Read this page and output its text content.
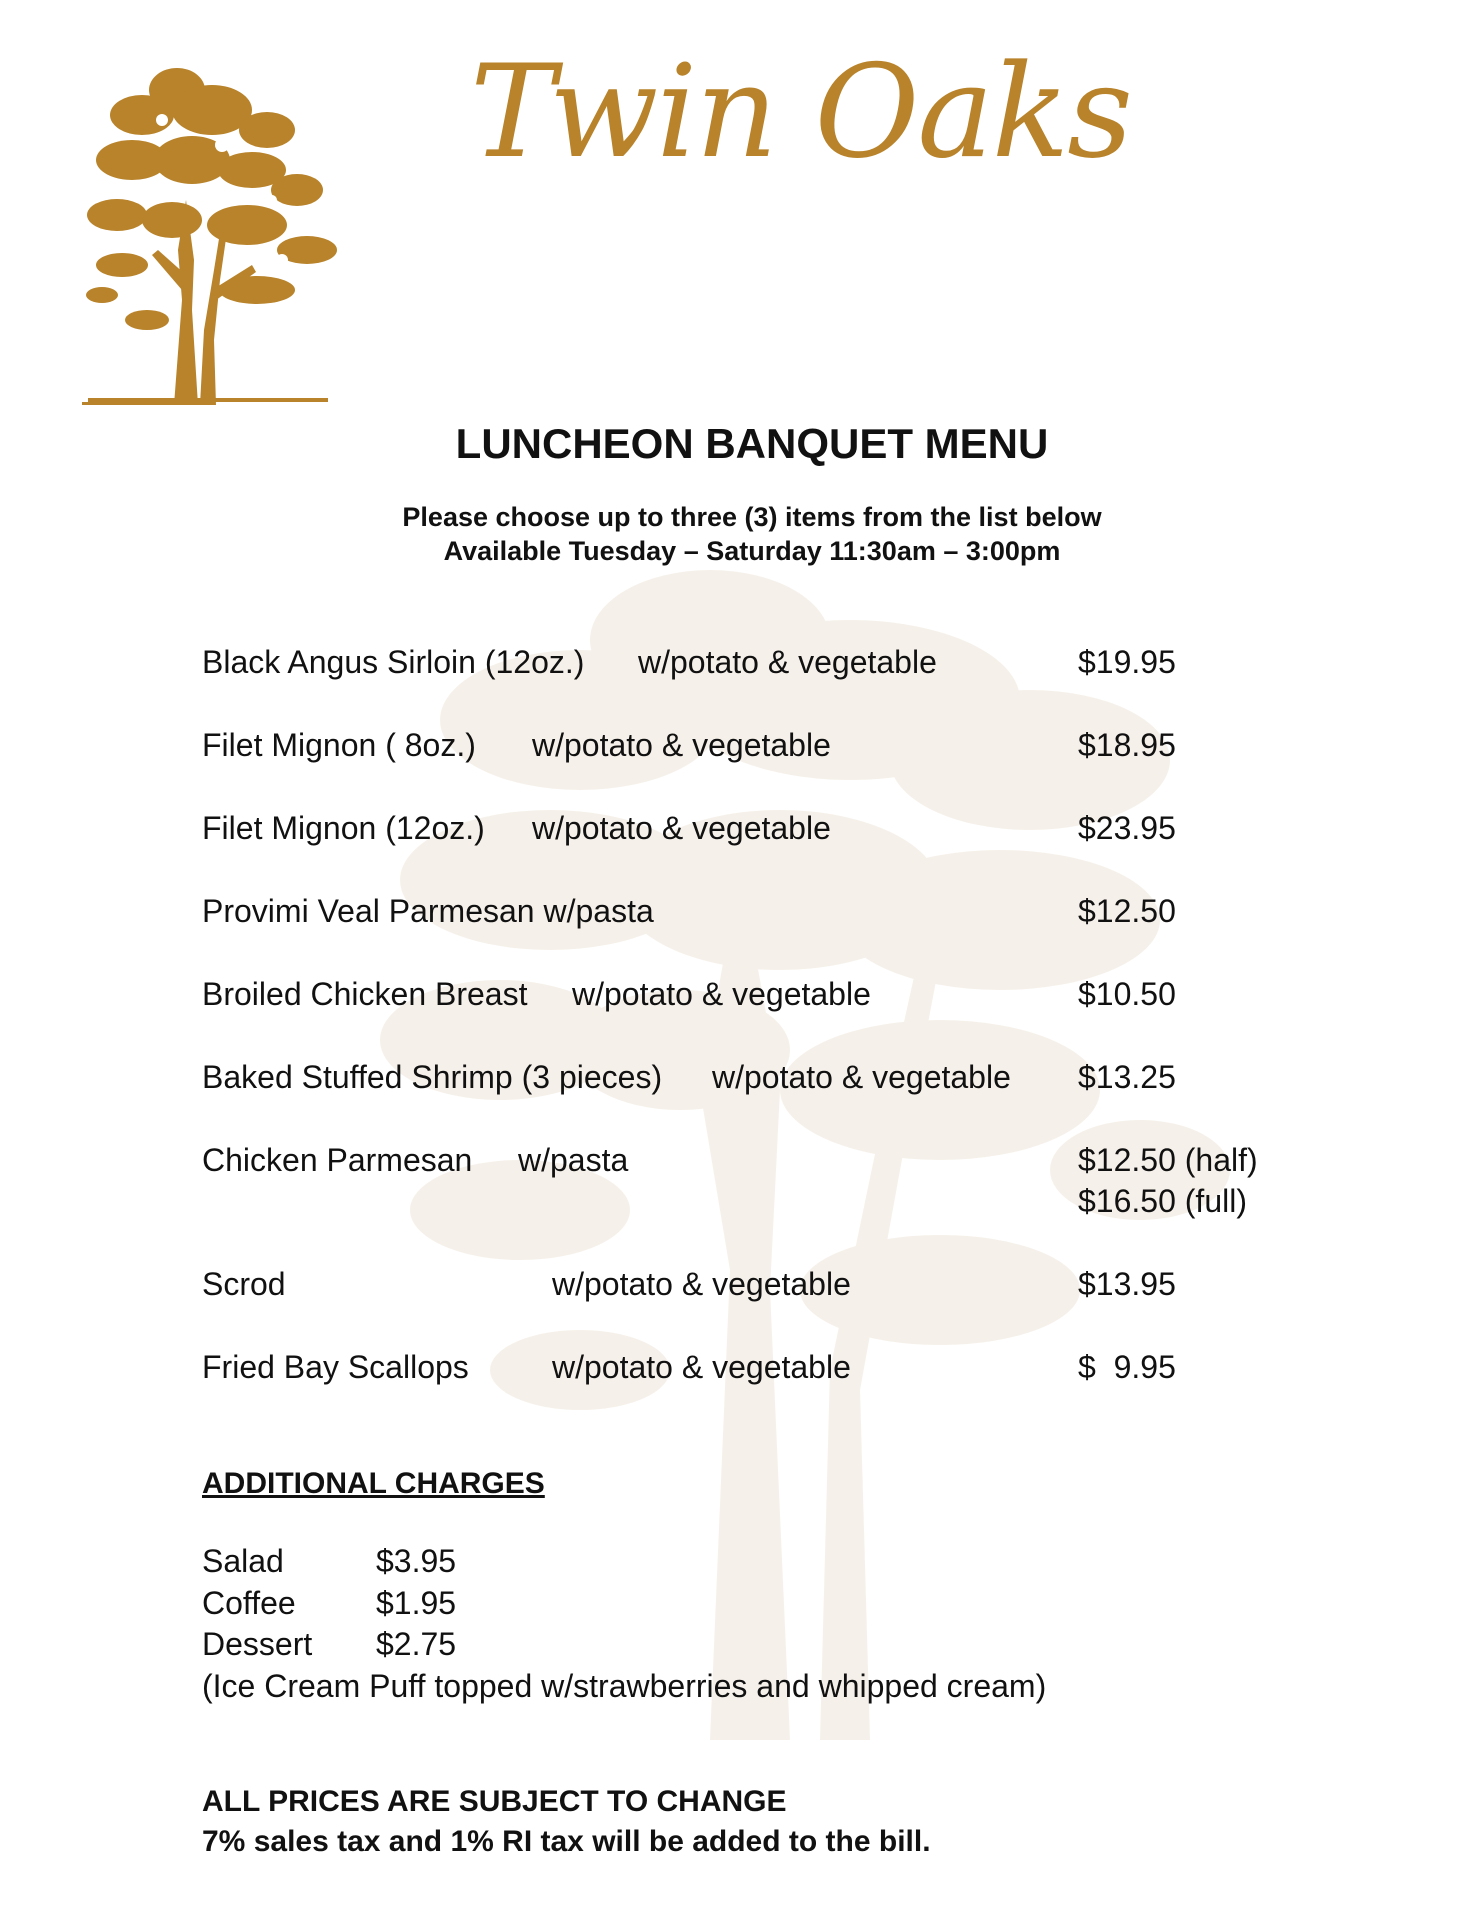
Twin Oaks
LUNCHEON BANQUET MENU
Please choose up to three (3) items from the list below
Available Tuesday – Saturday 11:30am – 3:00pm
Black Angus Sirloin (12oz.) w/potato & vegetable	$19.95
Filet Mignon ( 8oz.) w/potato & vegetable	$18.95
Filet Mignon (12oz.) w/potato & vegetable	$23.95
Provimi Veal Parmesan w/pasta	$12.50
Broiled Chicken Breast w/potato & vegetable	$10.50
Baked Stuffed Shrimp (3 pieces) w/potato & vegetable $13.25
Chicken Parmesan w/pasta	$12.50 (half)
$16.50 (full)
Scrod	w/potato & vegetable	$13.95
Fried Bay Scallops	w/potato & vegetable	$  9.95
ADDITIONAL CHARGES
Salad	$3.95
Coffee	$1.95
Dessert $2.75
(Ice Cream Puff topped w/strawberries and whipped cream)
ALL PRICES ARE SUBJECT TO CHANGE
7% sales tax and 1% RI tax will be added to the bill.
